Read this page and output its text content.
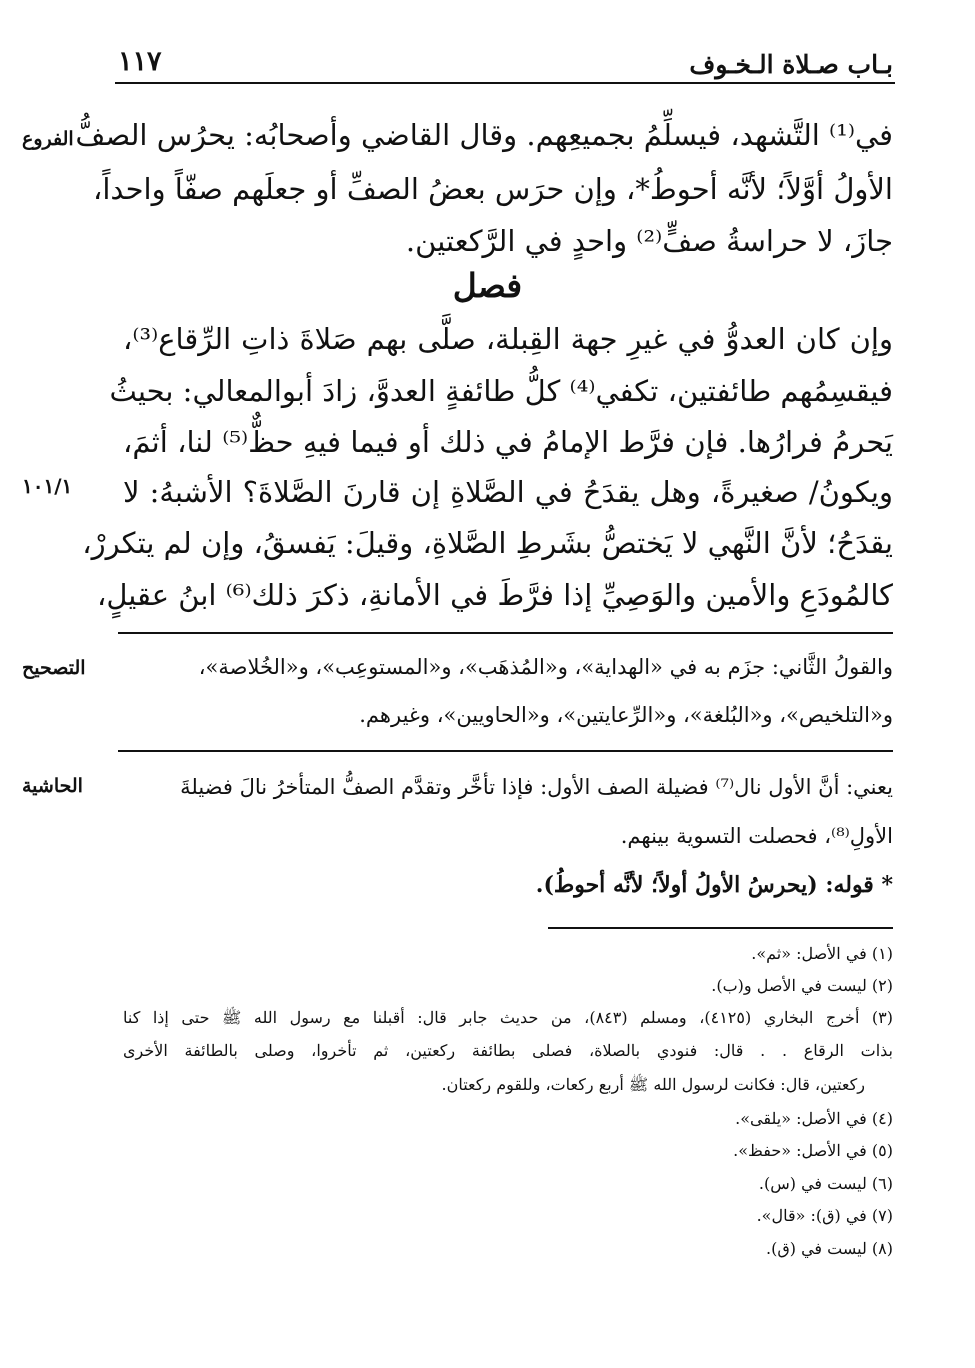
بـاب صـلاة الـخـوف
١١٧
الفروع
١٠١/١
التصحيح
الحاشية
في⁽¹⁾ التَّشهد، فيسلِّمُ بجميعِهم. وقال القاضي وأصحابُه: يحرُس الصفُّ
الأولُ أوَّلاً؛ لأنَّه أحوطُ*، وإن حرَس بعضُ الصفِّ أو جعلَهم صفّاً واحداً،
جازَ، لا حراسةُ صفٍّ⁽²⁾ واحدٍ في الرَّكعتين.
فصل
وإن كان العدوُّ في غيرِ جهة القِبلة، صلَّى بهم صَلاةَ ذاتِ الرِّقاع⁽³⁾،
فيقسِمُهم طائفتين، تكفي⁽⁴⁾ كلُّ طائفةٍ العدوَّ، زادَ أبوالمعالي: بحيثُ
يَحرمُ فرارُها. فإن فرَّط الإمامُ في ذلك أو فيما فيهِ حظٌّ⁽⁵⁾ لنا، أثمَ،
ويكونُ/ صغيرةً، وهل يقدَحُ في الصَّلاةِ إن قارنَ الصَّلاةَ؟ الأشبهُ: لا
يقدَحُ؛ لأنَّ النَّهي لا يَختصُّ بشَرطِ الصَّلاةِ، وقيلَ: يَفسقُ، وإن لم يتكررْ،
كالمُودَعِ والأمين والوَصِيِّ إذا فرَّطَ في الأمانةِ، ذكرَ ذلك⁽⁶⁾ ابنُ عقيلٍ،
والقولُ الثَّاني: جزَم به في «الهداية»، و«المُذهَب»، و«المستوعِب»، و«الخُلاصة»،
و«التلخيص»، و«البُلغة»، و«الرِّعايتين»، و«الحاويين»، وغيرهم.
يعني: أنَّ الأول نال⁽⁷⁾ فضيلة الصف الأول: فإذا تأخَّر وتقدَّم الصفُّ المتأخرُ نالَ فضيلةَ
الأولِ⁽⁸⁾، فحصلت التسوية بينهم.
* قوله: (يحرسُ الأولُ أولاً؛ لأنَّه أحوطُ).
(١) في الأصل: «ثم».
(٢) ليست في الأصل و(ب).
(٣) أخرج البخاري (٤١٢٥)، ومسلم (٨٤٣)، من حديث جابر قال: أقبلنا مع رسول الله ﷺ حتى إذا كنا
بذات الرقاع . . قال: فنودي بالصلاة، فصلى بطائفة ركعتين، ثم تأخروا، وصلى بالطائفة الأخرى
ركعتين، قال: فكانت لرسول الله ﷺ أربع ركعات، وللقوم ركعتان.
(٤) في الأصل: «يلقى».
(٥) في الأصل: «حفظ».
(٦) ليست في (س).
(٧) في (ق): «قال».
(٨) ليست في (ق).
